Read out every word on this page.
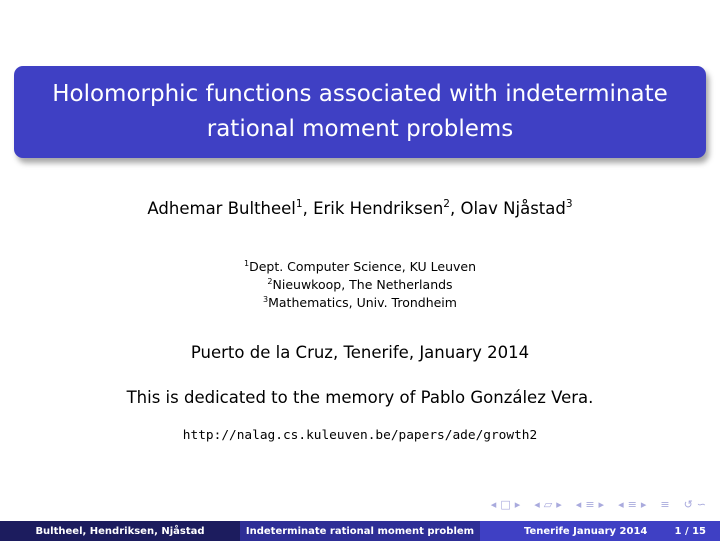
Holomorphic functions associated with indeterminate
rational moment problems
Adhemar Bultheel$^1$, Erik Hendriksen$^2$, Olav Njåstad$^3$
$^1$Dept. Computer Science, KU Leuven
$^2$Nieuwkoop, The Netherlands
$^3$Mathematics, Univ. Trondheim
Puerto de la Cruz, Tenerife, January 2014
This is dedicated to the memory of Pablo González Vera.
http://nalag.cs.kuleuven.be/papers/ade/growth2
◂ □ ▸ ◂ ▱ ▸ ◂ ≡ ▸ ◂ ≡ ▸ ≡ ↺ ∽
Bultheel, Hendriksen, Njåstad	Indeterminate rational moment problem	Tenerife January 2014	1 / 15
